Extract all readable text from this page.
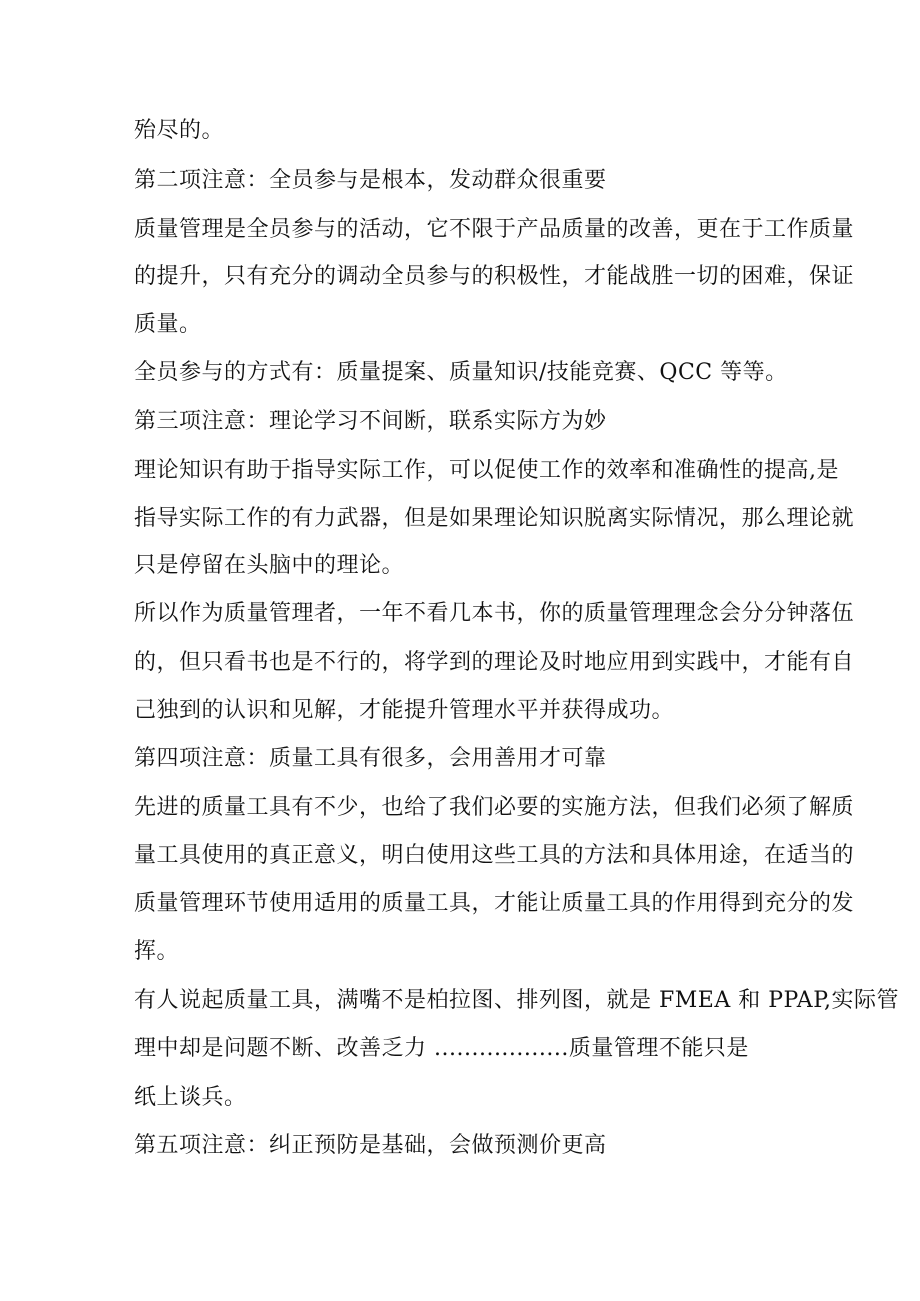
殆尽的。
第二项注意：全员参与是根本，发动群众很重要
质量管理是全员参与的活动，它不限于产品质量的改善，更在于工作质量
的提升，只有充分的调动全员参与的积极性，才能战胜一切的困难，保证
质量。
全员参与的方式有：质量提案、质量知识/技能竞赛、QCC 等等。
第三项注意：理论学习不间断，联系实际方为妙
理论知识有助于指导实际工作，可以促使工作的效率和准确性的提高,是
指导实际工作的有力武器，但是如果理论知识脱离实际情况，那么理论就
只是停留在头脑中的理论。
所以作为质量管理者，一年不看几本书，你的质量管理理念会分分钟落伍
的，但只看书也是不行的，将学到的理论及时地应用到实践中，才能有自
己独到的认识和见解，才能提升管理水平并获得成功。
第四项注意：质量工具有很多，会用善用才可靠
先进的质量工具有不少，也给了我们必要的实施方法，但我们必须了解质
量工具使用的真正意义，明白使用这些工具的方法和具体用途，在适当的
质量管理环节使用适用的质量工具，才能让质量工具的作用得到充分的发
挥。
有人说起质量工具，满嘴不是柏拉图、排列图，就是 FMEA 和 PPAP,实际管
理中却是问题不断、改善乏力 ..................质量管理不能只是
纸上谈兵。
第五项注意：纠正预防是基础，会做预测价更高
